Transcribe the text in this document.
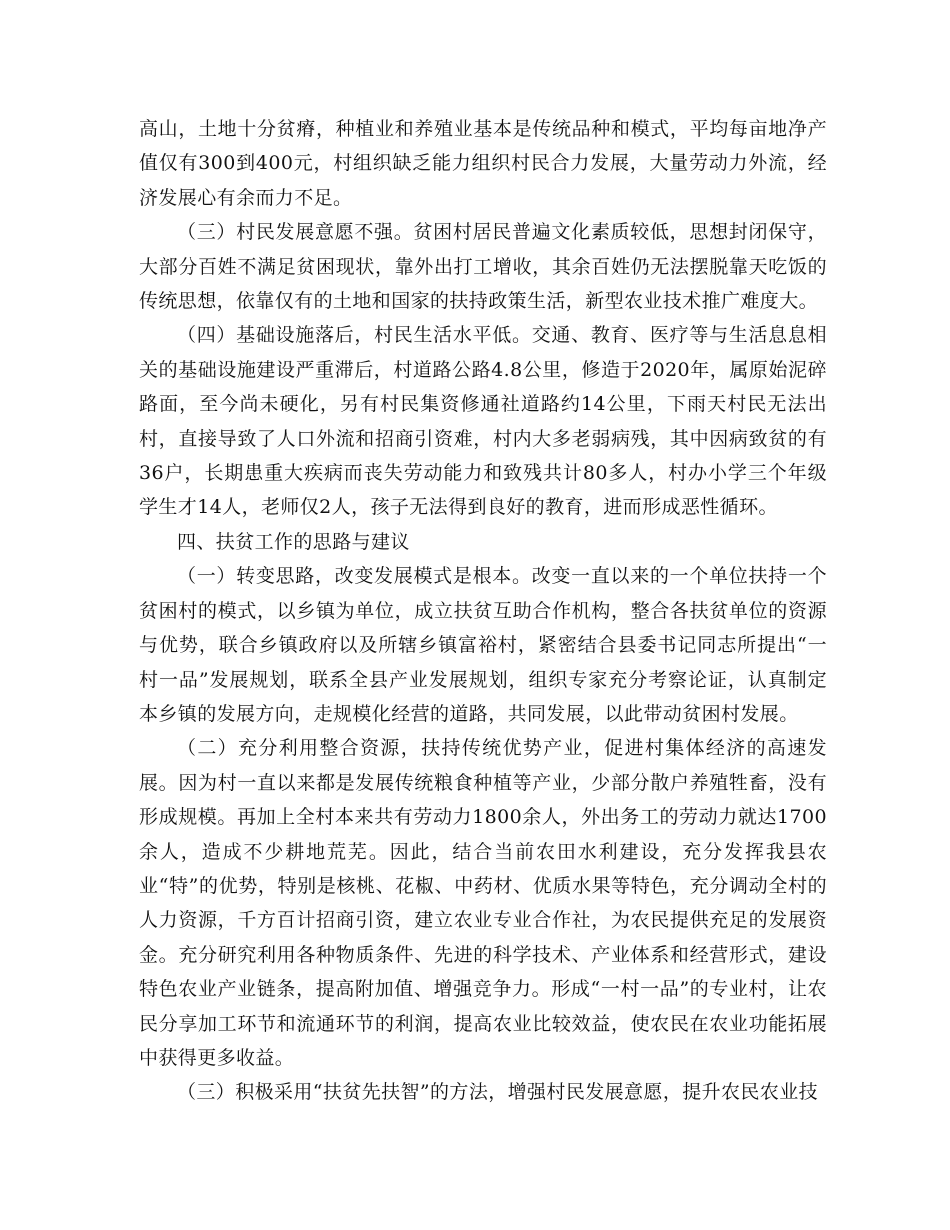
高山，土地十分贫瘠，种植业和养殖业基本是传统品种和模式，平均每亩地净产值仅有300到400元，村组织缺乏能力组织村民合力发展，大量劳动力外流，经济发展心有余而力不足。

（三）村民发展意愿不强。贫困村居民普遍文化素质较低，思想封闭保守，大部分百姓不满足贫困现状，靠外出打工增收，其余百姓仍无法摆脱靠天吃饭的传统思想，依靠仅有的土地和国家的扶持政策生活，新型农业技术推广难度大。

（四）基础设施落后，村民生活水平低。交通、教育、医疗等与生活息息相关的基础设施建设严重滞后，村道路公路4.8公里，修造于2020年，属原始泥碎路面，至今尚未硬化，另有村民集资修通社道路约14公里，下雨天村民无法出村，直接导致了人口外流和招商引资难，村内大多老弱病残，其中因病致贫的有36户，长期患重大疾病而丧失劳动能力和致残共计80多人，村办小学三个年级学生才14人，老师仅2人，孩子无法得到良好的教育，进而形成恶性循环。

四、扶贫工作的思路与建议

（一）转变思路，改变发展模式是根本。改变一直以来的一个单位扶持一个贫困村的模式，以乡镇为单位，成立扶贫互助合作机构，整合各扶贫单位的资源与优势，联合乡镇政府以及所辖乡镇富裕村，紧密结合县委书记同志所提出“一村一品”发展规划，联系全县产业发展规划，组织专家充分考察论证，认真制定本乡镇的发展方向，走规模化经营的道路，共同发展，以此带动贫困村发展。

（二）充分利用整合资源，扶持传统优势产业，促进村集体经济的高速发展。因为村一直以来都是发展传统粮食种植等产业，少部分散户养殖牲畜，没有形成规模。再加上全村本来共有劳动力1800余人，外出务工的劳动力就达1700余人，造成不少耕地荒芜。因此，结合当前农田水利建设，充分发挥我县农业“特”的优势，特别是核桃、花椒、中药材、优质水果等特色，充分调动全村的人力资源，千方百计招商引资，建立农业专业合作社，为农民提供充足的发展资金。充分研究利用各种物质条件、先进的科学技术、产业体系和经营形式，建设特色农业产业链条，提高附加值、增强竞争力。形成“一村一品”的专业村，让农民分享加工环节和流通环节的利润，提高农业比较效益，使农民在农业功能拓展中获得更多收益。

（三）积极采用“扶贫先扶智”的方法，增强村民发展意愿，提升农民农业技
